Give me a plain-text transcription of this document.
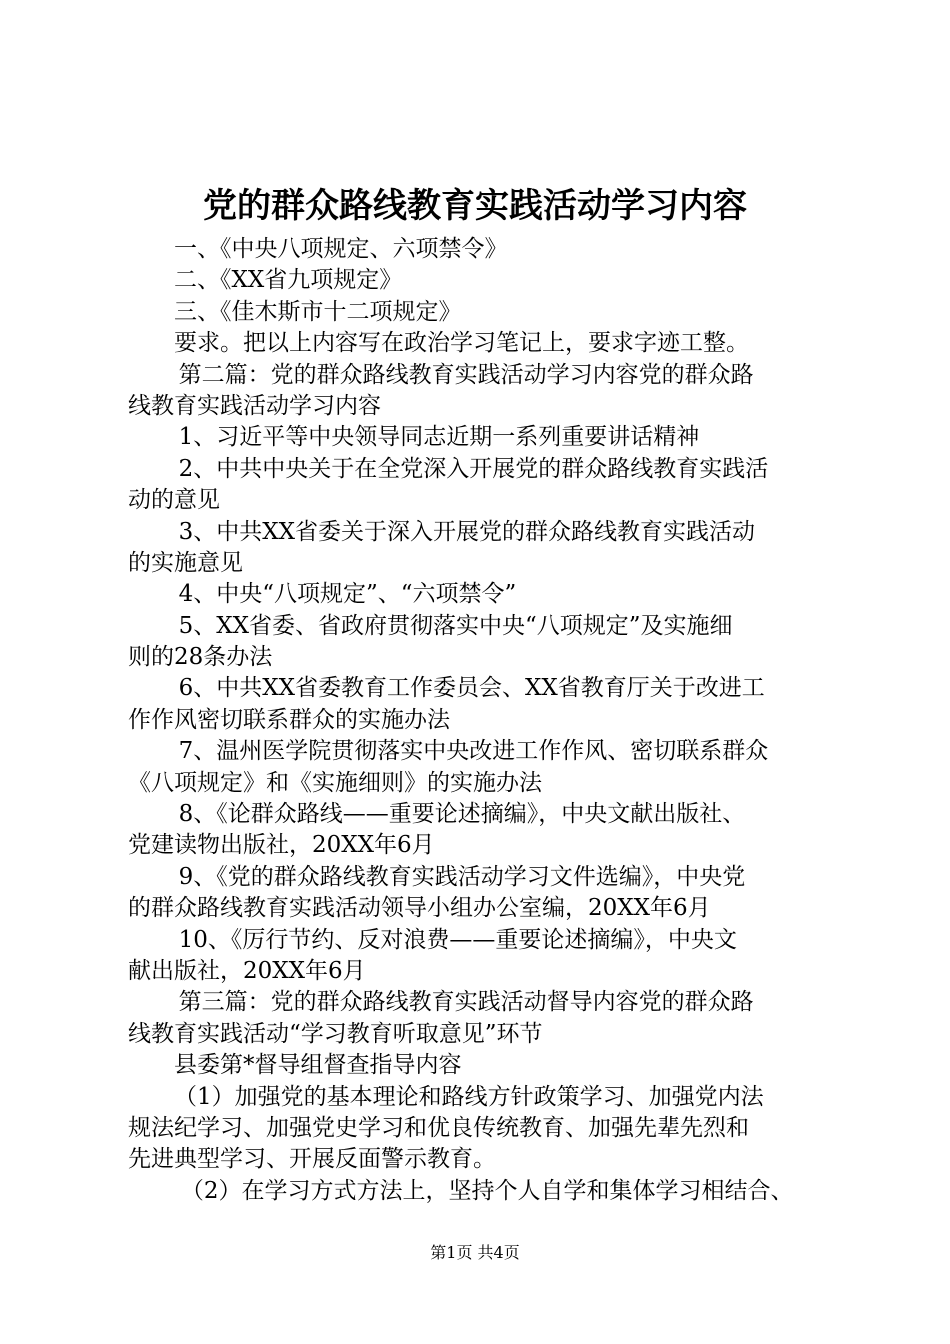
党的群众路线教育实践活动学习内容
一、《中央八项规定、六项禁令》
二、《XX省九项规定》
三、《佳木斯市十二项规定》
要求。把以上内容写在政治学习笔记上，要求字迹工整。
第二篇：党的群众路线教育实践活动学习内容党的群众路
线教育实践活动学习内容
1、习近平等中央领导同志近期一系列重要讲话精神
2、中共中央关于在全党深入开展党的群众路线教育实践活
动的意见
3、中共XX省委关于深入开展党的群众路线教育实践活动
的实施意见
4、中央“八项规定”、“六项禁令”
5、XX省委、省政府贯彻落实中央“八项规定”及实施细
则的28条办法
6、中共XX省委教育工作委员会、XX省教育厅关于改进工
作作风密切联系群众的实施办法
7、温州医学院贯彻落实中央改进工作作风、密切联系群众
《八项规定》和《实施细则》的实施办法
8、《论群众路线——重要论述摘编》，中央文献出版社、
党建读物出版社，20XX年6月
9、《党的群众路线教育实践活动学习文件选编》，中央党
的群众路线教育实践活动领导小组办公室编，20XX年6月
10、《厉行节约、反对浪费——重要论述摘编》，中央文
献出版社，20XX年6月
第三篇：党的群众路线教育实践活动督导内容党的群众路
线教育实践活动“学习教育听取意见”环节
县委第*督导组督查指导内容
（1）加强党的基本理论和路线方针政策学习、加强党内法
规法纪学习、加强党史学习和优良传统教育、加强先辈先烈和
先进典型学习、开展反面警示教育。
（2）在学习方式方法上，坚持个人自学和集体学习相结合、
第1页 共4页
